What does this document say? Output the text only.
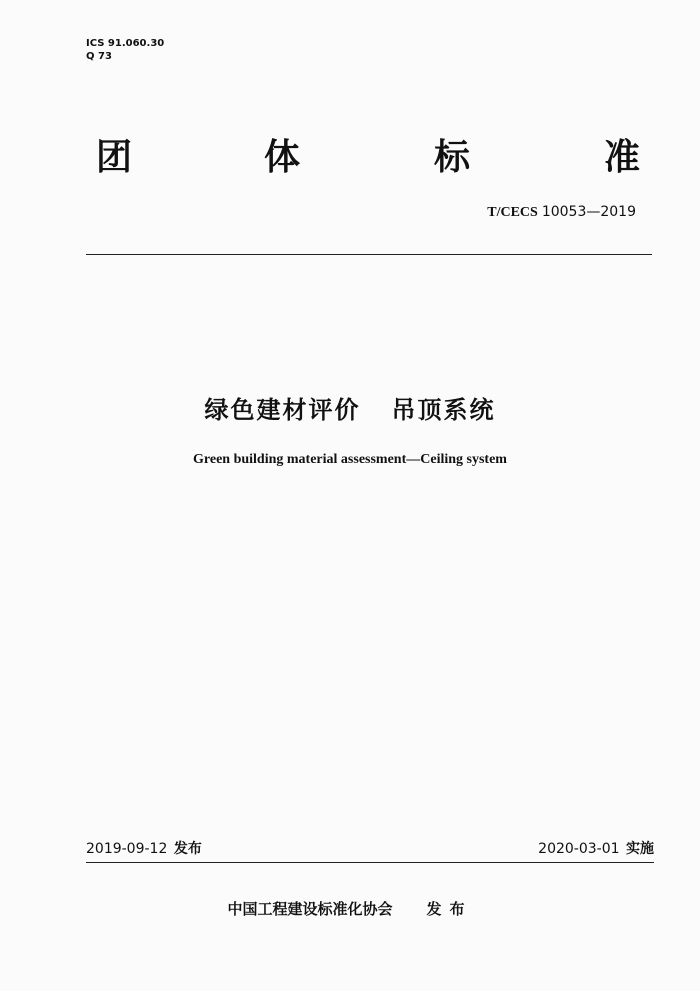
ICS 91.060.30
Q 73
团	体	标	准
T/CECS 10053—2019
绿色建材评价   吊顶系统
Green building material assessment—Ceiling system
2019-09-12 发布	2020-03-01 实施
中国工程建设标准化协会 发布
